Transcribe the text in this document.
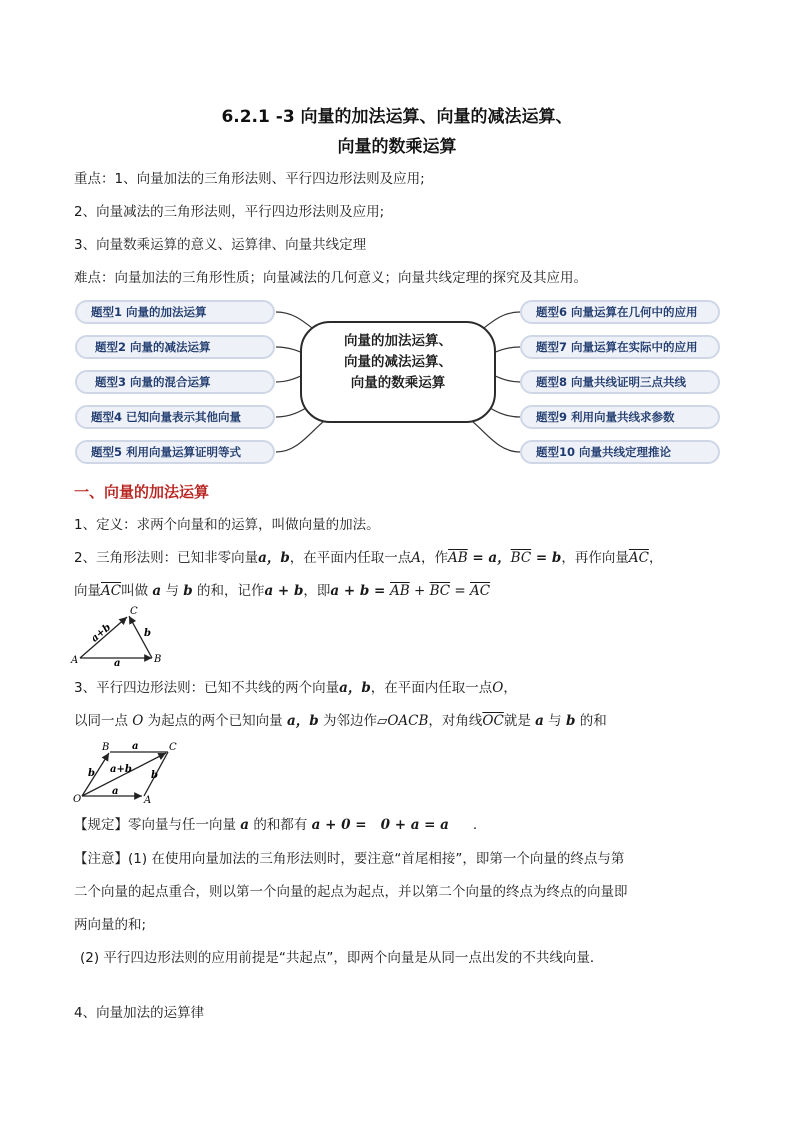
6.2.1 -3 向量的加法运算、向量的减法运算、
向量的数乘运算
重点：1、向量加法的三角形法则、平行四边形法则及应用;
2、向量减法的三角形法则，平行四边形法则及应用;
3、向量数乘运算的意义、运算律、向量共线定理
难点：向量加法的三角形性质；向量减法的几何意义；向量共线定理的探究及其应用。
题型1 向量的加法运算
题型2 向量的减法运算
题型3 向量的混合运算
题型4 已知向量表示其他向量
题型5 利用向量运算证明等式
向量的加法运算、
向量的减法运算、
向量的数乘运算
题型6 向量运算在几何中的应用
题型7 向量运算在实际中的应用
题型8 向量共线证明三点共线
题型9 利用向量共线求参数
题型10 向量共线定理推论
一、向量的加法运算
1、定义：求两个向量和的运算，叫做向量的加法。
2、三角形法则：已知非零向量a，b，在平面内任取一点A，作$\overline{AB} = a$，$\overline{BC} = b$，再作向量$\overline{AC}$，
向量$\overline{AC}$叫做 a 与 b 的和，记作a + b，即$a + b = \overline{AB} + \overline{BC} = \overline{AC}$
A	B
C
a
b
a+b
3、平行四边形法则：已知不共线的两个向量a，b，在平面内任取一点O，
以同一点 O 为起点的两个已知向量 a，b 为邻边作▱OACB，对角线$\overline{OC}$就是 a 与 b 的和
O	A
B	C
a
b
a
b
a+b
【规定】零向量与任一向量 a 的和都有 a + 0 =   0 + a = a .
【注意】(1) 在使用向量加法的三角形法则时，要注意“首尾相接”，即第一个向量的终点与第
二个向量的起点重合，则以第一个向量的起点为起点，并以第二个向量的终点为终点的向量即
两向量的和;
(2) 平行四边形法则的应用前提是“共起点”，即两个向量是从同一点出发的不共线向量．
4、向量加法的运算律
